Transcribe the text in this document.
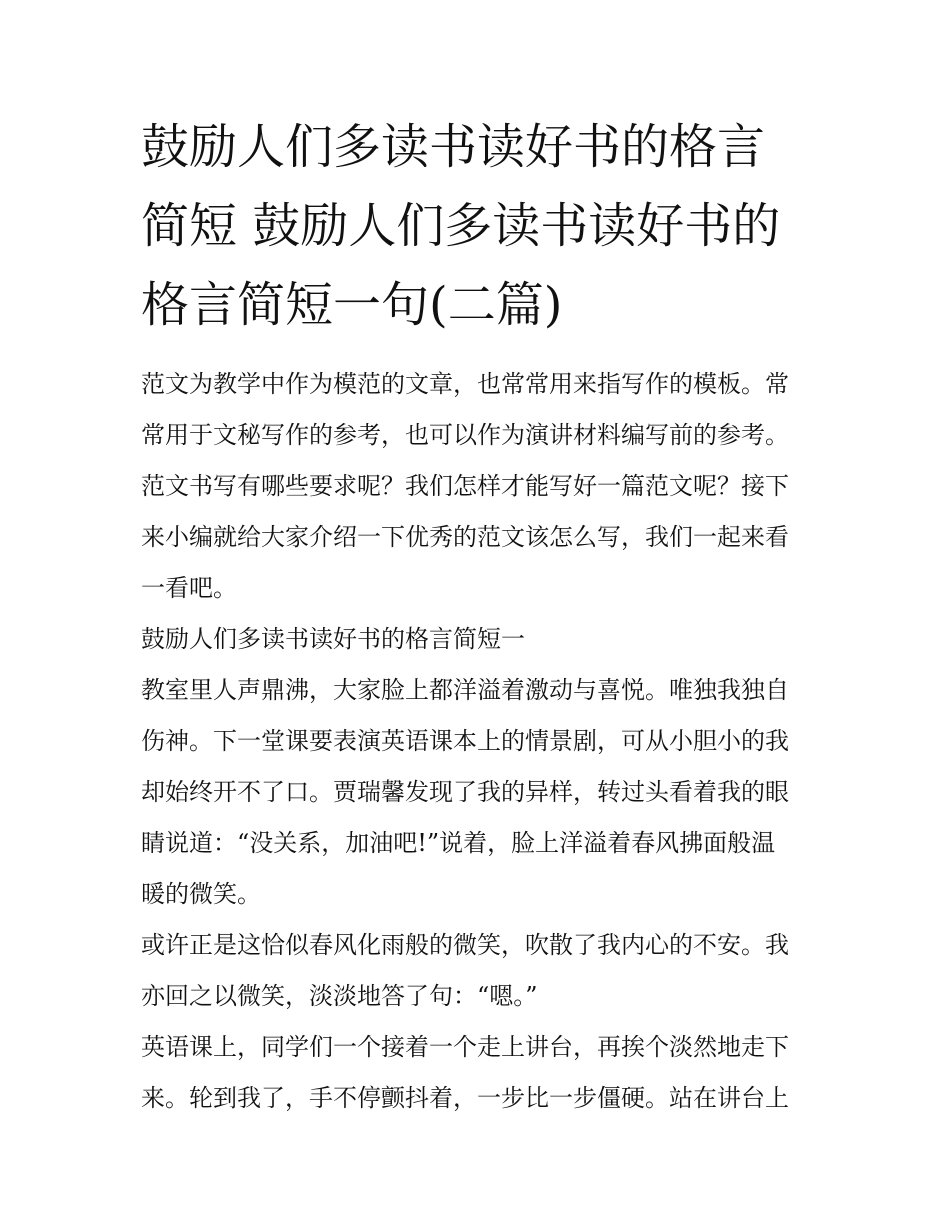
鼓励人们多读书读好书的格言
简短 鼓励人们多读书读好书的
格言简短一句(二篇)

范文为教学中作为模范的文章，也常常用来指写作的模板。常
常用于文秘写作的参考，也可以作为演讲材料编写前的参考。
范文书写有哪些要求呢？我们怎样才能写好一篇范文呢？接下
来小编就给大家介绍一下优秀的范文该怎么写，我们一起来看
一看吧。

鼓励人们多读书读好书的格言简短一

教室里人声鼎沸，大家脸上都洋溢着激动与喜悦。唯独我独自
伤神。下一堂课要表演英语课本上的情景剧，可从小胆小的我
却始终开不了口。贾瑞馨发现了我的异样，转过头看着我的眼
睛说道：“没关系，加油吧!”说着，脸上洋溢着春风拂面般温
暖的微笑。

或许正是这恰似春风化雨般的微笑，吹散了我内心的不安。我
亦回之以微笑，淡淡地答了句：“嗯。”

英语课上，同学们一个接着一个走上讲台，再挨个淡然地走下
来。轮到我了，手不停颤抖着，一步比一步僵硬。站在讲台上
